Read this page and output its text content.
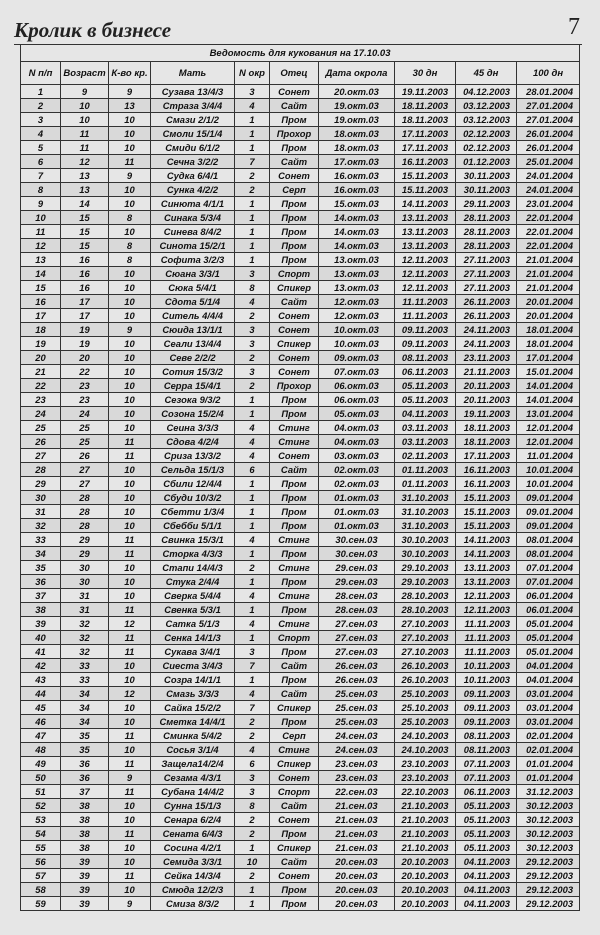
Кролик в бизнесе	7
Ведомость для кукования на 17.10.03									
N п/п	Возраст	К-во кр.	Мать	N окр	Отец	Дата окрола	30 дн	45 дн	100 дн
1	9	9	Сузава 13/4/3	3	Сонет	20.окт.03	19.11.2003	04.12.2003	28.01.2004
2	10	13	Страза 3/4/4	4	Сайт	19.окт.03	18.11.2003	03.12.2003	27.01.2004
3	10	10	Смази 2/1/2	1	Пром	19.окт.03	18.11.2003	03.12.2003	27.01.2004
4	11	10	Смоли 15/1/4	1	Прохор	18.окт.03	17.11.2003	02.12.2003	26.01.2004
5	11	10	Смиди 6/1/2	1	Пром	18.окт.03	17.11.2003	02.12.2003	26.01.2004
6	12	11	Сечна 3/2/2	7	Сайт	17.окт.03	16.11.2003	01.12.2003	25.01.2004
7	13	9	Судка 6/4/1	2	Сонет	16.окт.03	15.11.2003	30.11.2003	24.01.2004
8	13	10	Сунка 4/2/2	2	Серп	16.окт.03	15.11.2003	30.11.2003	24.01.2004
9	14	10	Синюта 4/1/1	1	Пром	15.окт.03	14.11.2003	29.11.2003	23.01.2004
10	15	8	Синака 5/3/4	1	Пром	14.окт.03	13.11.2003	28.11.2003	22.01.2004
11	15	10	Синева 8/4/2	1	Пром	14.окт.03	13.11.2003	28.11.2003	22.01.2004
12	15	8	Синота 15/2/1	1	Пром	14.окт.03	13.11.2003	28.11.2003	22.01.2004
13	16	8	Софита 3/2/3	1	Пром	13.окт.03	12.11.2003	27.11.2003	21.01.2004
14	16	10	Сюана 3/3/1	3	Спорт	13.окт.03	12.11.2003	27.11.2003	21.01.2004
15	16	10	Сюка 5/4/1	8	Спикер	13.окт.03	12.11.2003	27.11.2003	21.01.2004
16	17	10	Сдота 5/1/4	4	Сайт	12.окт.03	11.11.2003	26.11.2003	20.01.2004
17	17	10	Ситель 4/4/4	2	Сонет	12.окт.03	11.11.2003	26.11.2003	20.01.2004
18	19	9	Сюида 13/1/1	3	Сонет	10.окт.03	09.11.2003	24.11.2003	18.01.2004
19	19	10	Сеали 13/4/4	3	Спикер	10.окт.03	09.11.2003	24.11.2003	18.01.2004
20	20	10	Севе 2/2/2	2	Сонет	09.окт.03	08.11.2003	23.11.2003	17.01.2004
21	22	10	Сотия 15/3/2	3	Сонет	07.окт.03	06.11.2003	21.11.2003	15.01.2004
22	23	10	Серра 15/4/1	2	Прохор	06.окт.03	05.11.2003	20.11.2003	14.01.2004
23	23	10	Сезока 9/3/2	1	Пром	06.окт.03	05.11.2003	20.11.2003	14.01.2004
24	24	10	Созона 15/2/4	1	Пром	05.окт.03	04.11.2003	19.11.2003	13.01.2004
25	25	10	Сеина 3/3/3	4	Стинг	04.окт.03	03.11.2003	18.11.2003	12.01.2004
26	25	11	Сдова 4/2/4	4	Стинг	04.окт.03	03.11.2003	18.11.2003	12.01.2004
27	26	11	Сриза 13/3/2	4	Сонет	03.окт.03	02.11.2003	17.11.2003	11.01.2004
28	27	10	Сельда 15/1/3	6	Сайт	02.окт.03	01.11.2003	16.11.2003	10.01.2004
29	27	10	Сбили 12/4/4	1	Пром	02.окт.03	01.11.2003	16.11.2003	10.01.2004
30	28	10	Сбуди 10/3/2	1	Пром	01.окт.03	31.10.2003	15.11.2003	09.01.2004
31	28	10	Сбетти 1/3/4	1	Пром	01.окт.03	31.10.2003	15.11.2003	09.01.2004
32	28	10	Сбебби 5/1/1	1	Пром	01.окт.03	31.10.2003	15.11.2003	09.01.2004
33	29	11	Свинка 15/3/1	4	Стинг	30.сен.03	30.10.2003	14.11.2003	08.01.2004
34	29	11	Сторка 4/3/3	1	Пром	30.сен.03	30.10.2003	14.11.2003	08.01.2004
35	30	10	Стапи 14/4/3	2	Стинг	29.сен.03	29.10.2003	13.11.2003	07.01.2004
36	30	10	Стука 2/4/4	1	Пром	29.сен.03	29.10.2003	13.11.2003	07.01.2004
37	31	10	Сверка 5/4/4	4	Стинг	28.сен.03	28.10.2003	12.11.2003	06.01.2004
38	31	11	Свенка 5/3/1	1	Пром	28.сен.03	28.10.2003	12.11.2003	06.01.2004
39	32	12	Сатка 5/1/3	4	Стинг	27.сен.03	27.10.2003	11.11.2003	05.01.2004
40	32	11	Сенка 14/1/3	1	Спорт	27.сен.03	27.10.2003	11.11.2003	05.01.2004
41	32	11	Сукава 3/4/1	3	Пром	27.сен.03	27.10.2003	11.11.2003	05.01.2004
42	33	10	Сиеста 3/4/3	7	Сайт	26.сен.03	26.10.2003	10.11.2003	04.01.2004
43	33	10	Созра 14/1/1	1	Пром	26.сен.03	26.10.2003	10.11.2003	04.01.2004
44	34	12	Смазь 3/3/3	4	Сайт	25.сен.03	25.10.2003	09.11.2003	03.01.2004
45	34	10	Сайка 15/2/2	7	Спикер	25.сен.03	25.10.2003	09.11.2003	03.01.2004
46	34	10	Сметка 14/4/1	2	Пром	25.сен.03	25.10.2003	09.11.2003	03.01.2004
47	35	11	Сминка 5/4/2	2	Серп	24.сен.03	24.10.2003	08.11.2003	02.01.2004
48	35	10	Сосья 3/1/4	4	Стинг	24.сен.03	24.10.2003	08.11.2003	02.01.2004
49	36	11	Защела14/2/4	6	Спикер	23.сен.03	23.10.2003	07.11.2003	01.01.2004
50	36	9	Сезама 4/3/1	3	Сонет	23.сен.03	23.10.2003	07.11.2003	01.01.2004
51	37	11	Субана 14/4/2	3	Спорт	22.сен.03	22.10.2003	06.11.2003	31.12.2003
52	38	10	Сунна 15/1/3	8	Сайт	21.сен.03	21.10.2003	05.11.2003	30.12.2003
53	38	10	Сенара 6/2/4	2	Сонет	21.сен.03	21.10.2003	05.11.2003	30.12.2003
54	38	11	Сената 6/4/3	2	Пром	21.сен.03	21.10.2003	05.11.2003	30.12.2003
55	38	10	Сосина 4/2/1	1	Спикер	21.сен.03	21.10.2003	05.11.2003	30.12.2003
56	39	10	Семида 3/3/1	10	Сайт	20.сен.03	20.10.2003	04.11.2003	29.12.2003
57	39	11	Сейка 14/3/4	2	Сонет	20.сен.03	20.10.2003	04.11.2003	29.12.2003
58	39	10	Смюда 12/2/3	1	Пром	20.сен.03	20.10.2003	04.11.2003	29.12.2003
59	39	9	Смиза 8/3/2	1	Пром	20.сен.03	20.10.2003	04.11.2003	29.12.2003
